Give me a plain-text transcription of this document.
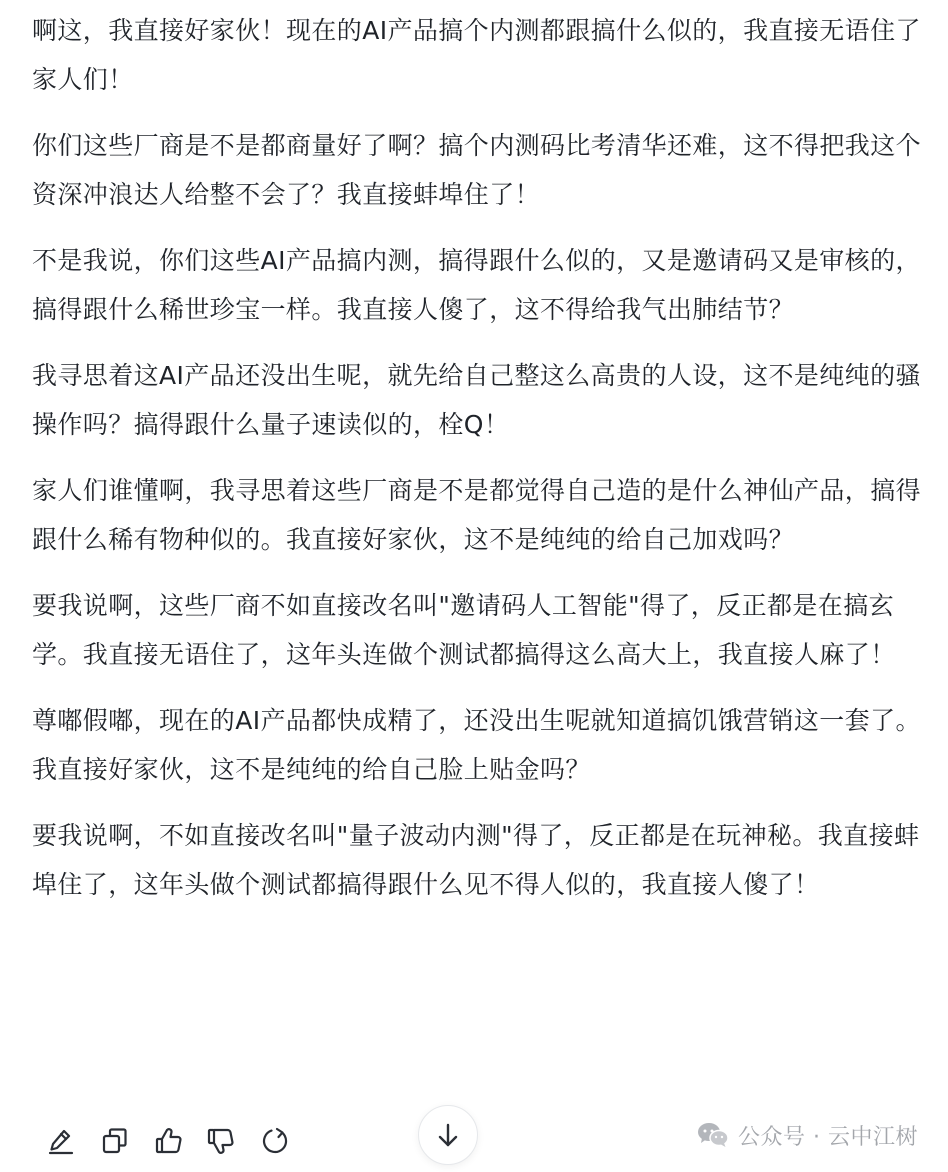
啊这，我直接好家伙！现在的AI产品搞个内测都跟搞什么似的，我直接无语住了家人们！

你们这些厂商是不是都商量好了啊？搞个内测码比考清华还难，这不得把我这个资深冲浪达人给整不会了？我直接蚌埠住了！

不是我说，你们这些AI产品搞内测，搞得跟什么似的，又是邀请码又是审核的，搞得跟什么稀世珍宝一样。我直接人傻了，这不得给我气出肺结节？

我寻思着这AI产品还没出生呢，就先给自己整这么高贵的人设，这不是纯纯的骚操作吗？搞得跟什么量子速读似的，栓Q！

家人们谁懂啊，我寻思着这些厂商是不是都觉得自己造的是什么神仙产品，搞得跟什么稀有物种似的。我直接好家伙，这不是纯纯的给自己加戏吗？

要我说啊，这些厂商不如直接改名叫"邀请码人工智能"得了，反正都是在搞玄学。我直接无语住了，这年头连做个测试都搞得这么高大上，我直接人麻了！

尊嘟假嘟，现在的AI产品都快成精了，还没出生呢就知道搞饥饿营销这一套了。我直接好家伙，这不是纯纯的给自己脸上贴金吗？

要我说啊，不如直接改名叫"量子波动内测"得了，反正都是在玩神秘。我直接蚌埠住了，这年头做个测试都搞得跟什么见不得人似的，我直接人傻了！

公众号 · 云中江树
